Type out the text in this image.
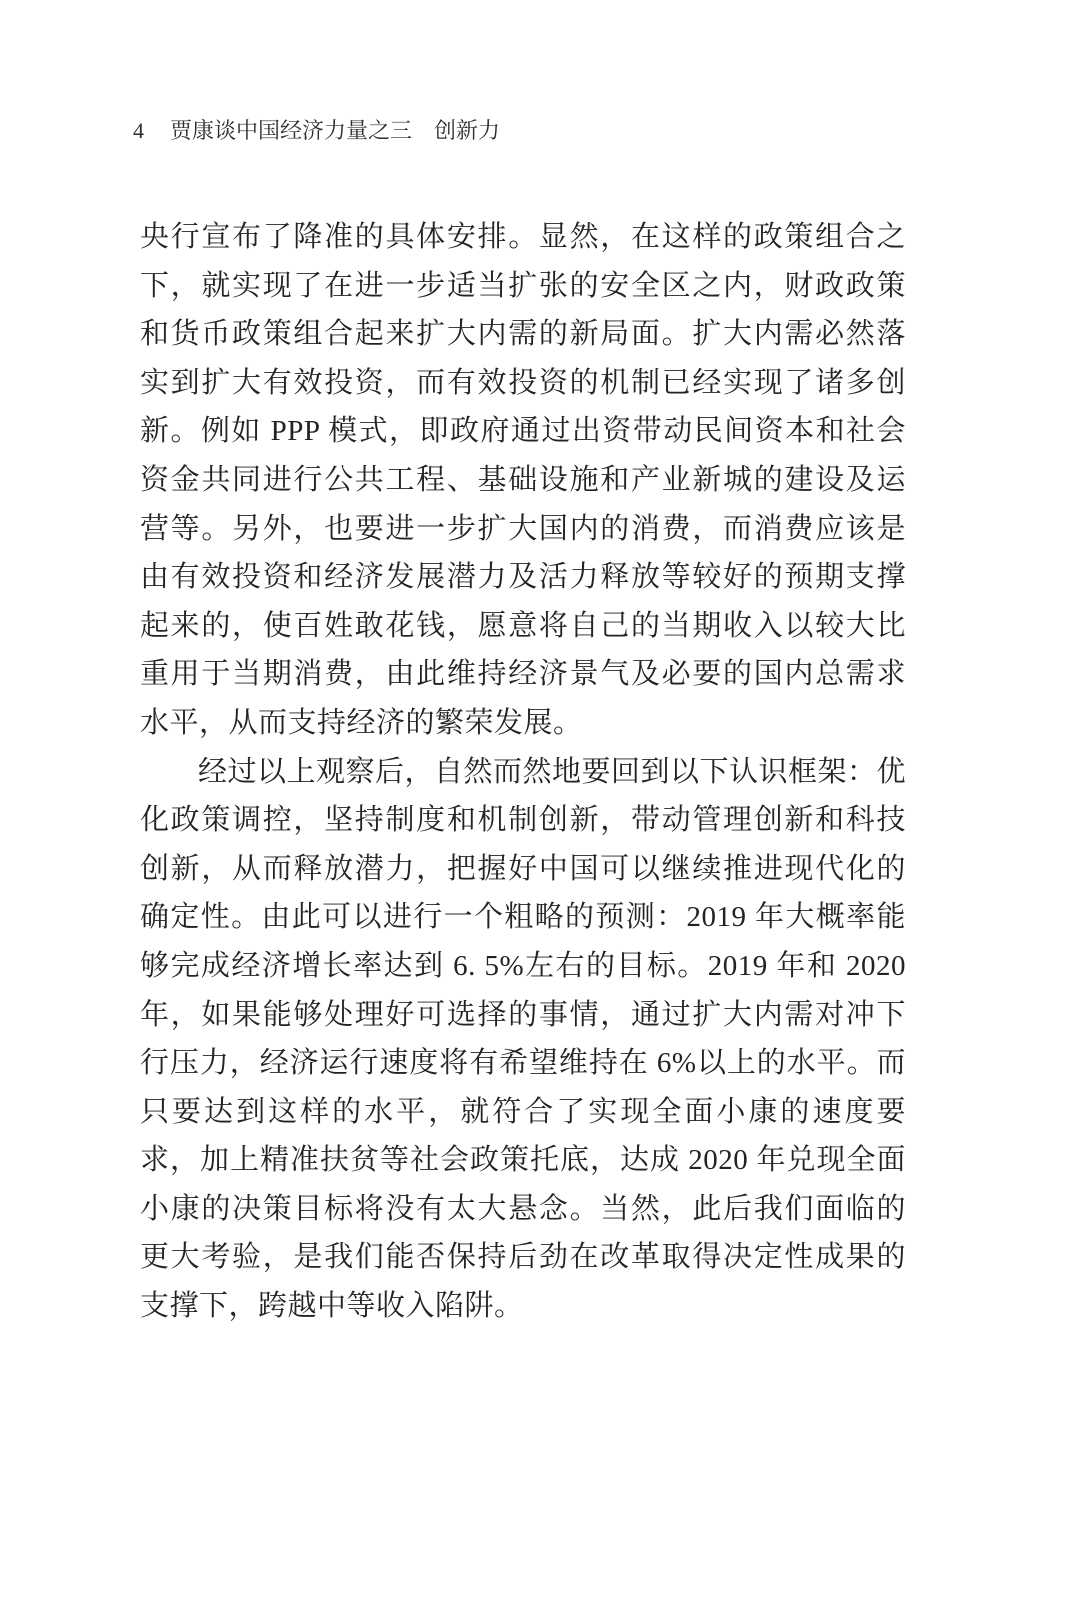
4 贾康谈中国经济力量之三 创新力

央行宣布了降准的具体安排。显然，在这样的政策组合之下，就实现了在进一步适当扩张的安全区之内，财政政策和货币政策组合起来扩大内需的新局面。扩大内需必然落实到扩大有效投资，而有效投资的机制已经实现了诸多创新。例如 PPP 模式，即政府通过出资带动民间资本和社会资金共同进行公共工程、基础设施和产业新城的建设及运营等。另外，也要进一步扩大国内的消费，而消费应该是由有效投资和经济发展潜力及活力释放等较好的预期支撑起来的，使百姓敢花钱，愿意将自己的当期收入以较大比重用于当期消费，由此维持经济景气及必要的国内总需求水平，从而支持经济的繁荣发展。

经过以上观察后，自然而然地要回到以下认识框架：优化政策调控，坚持制度和机制创新，带动管理创新和科技创新，从而释放潜力，把握好中国可以继续推进现代化的确定性。由此可以进行一个粗略的预测：2019 年大概率能够完成经济增长率达到 6. 5%左右的目标。2019 年和 2020 年，如果能够处理好可选择的事情，通过扩大内需对冲下行压力，经济运行速度将有希望维持在 6%以上的水平。而只要达到这样的水平，就符合了实现全面小康的速度要求，加上精准扶贫等社会政策托底，达成 2020 年兑现全面小康的决策目标将没有太大悬念。当然，此后我们面临的更大考验，是我们能否保持后劲在改革取得决定性成果的支撑下，跨越中等收入陷阱。
